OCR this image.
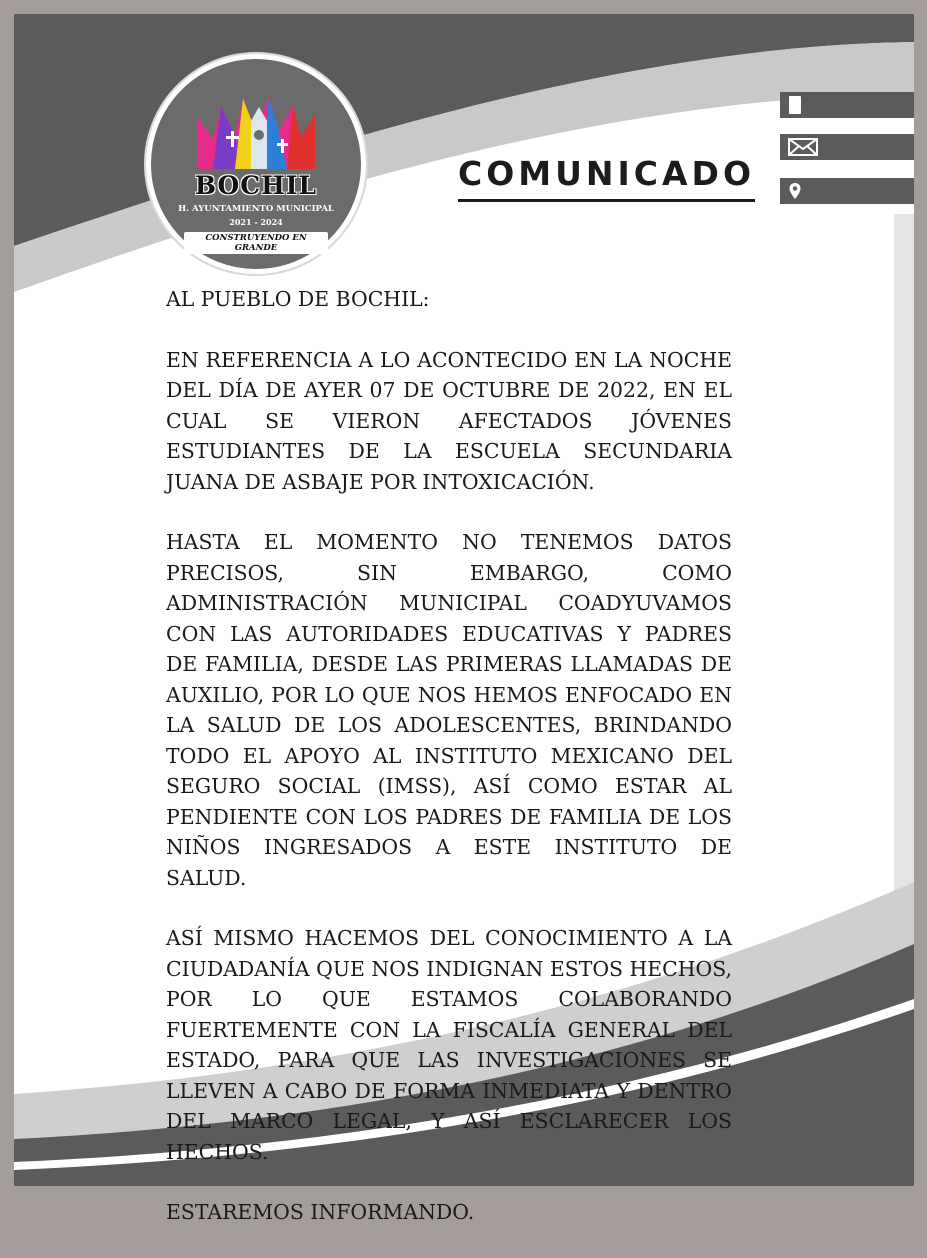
BOCHIL
H. AYUNTAMIENTO MUNICIPAL
2021 - 2024
CONSTRUYENDO EN GRANDE
COMUNICADO

AL PUEBLO DE BOCHIL:

EN REFERENCIA A LO ACONTECIDO EN LA NOCHE DEL DÍA DE AYER 07 DE OCTUBRE DE 2022, EN EL CUAL SE VIERON AFECTADOS JÓVENES ESTUDIANTES DE LA ESCUELA SECUNDARIA JUANA DE ASBAJE POR INTOXICACIÓN.

HASTA EL MOMENTO NO TENEMOS DATOS PRECISOS, SIN EMBARGO, COMO ADMINISTRACIÓN MUNICIPAL COADYUVAMOS CON LAS AUTORIDADES EDUCATIVAS Y PADRES DE FAMILIA, DESDE LAS PRIMERAS LLAMADAS DE AUXILIO, POR LO QUE NOS HEMOS ENFOCADO EN LA SALUD DE LOS ADOLESCENTES, BRINDANDO TODO EL APOYO AL INSTITUTO MEXICANO DEL SEGURO SOCIAL (IMSS), ASÍ COMO ESTAR AL PENDIENTE CON LOS PADRES DE FAMILIA DE LOS NIÑOS INGRESADOS A ESTE INSTITUTO DE SALUD.

ASÍ MISMO HACEMOS DEL CONOCIMIENTO A LA CIUDADANÍA QUE NOS INDIGNAN ESTOS HECHOS, POR LO QUE ESTAMOS COLABORANDO FUERTEMENTE CON LA FISCALÍA GENERAL DEL ESTADO, PARA QUE LAS INVESTIGACIONES SE LLEVEN A CABO DE FORMA INMEDIATA Y DENTRO DEL MARCO LEGAL, Y ASÍ ESCLARECER LOS HECHOS.

ESTAREMOS INFORMANDO.
